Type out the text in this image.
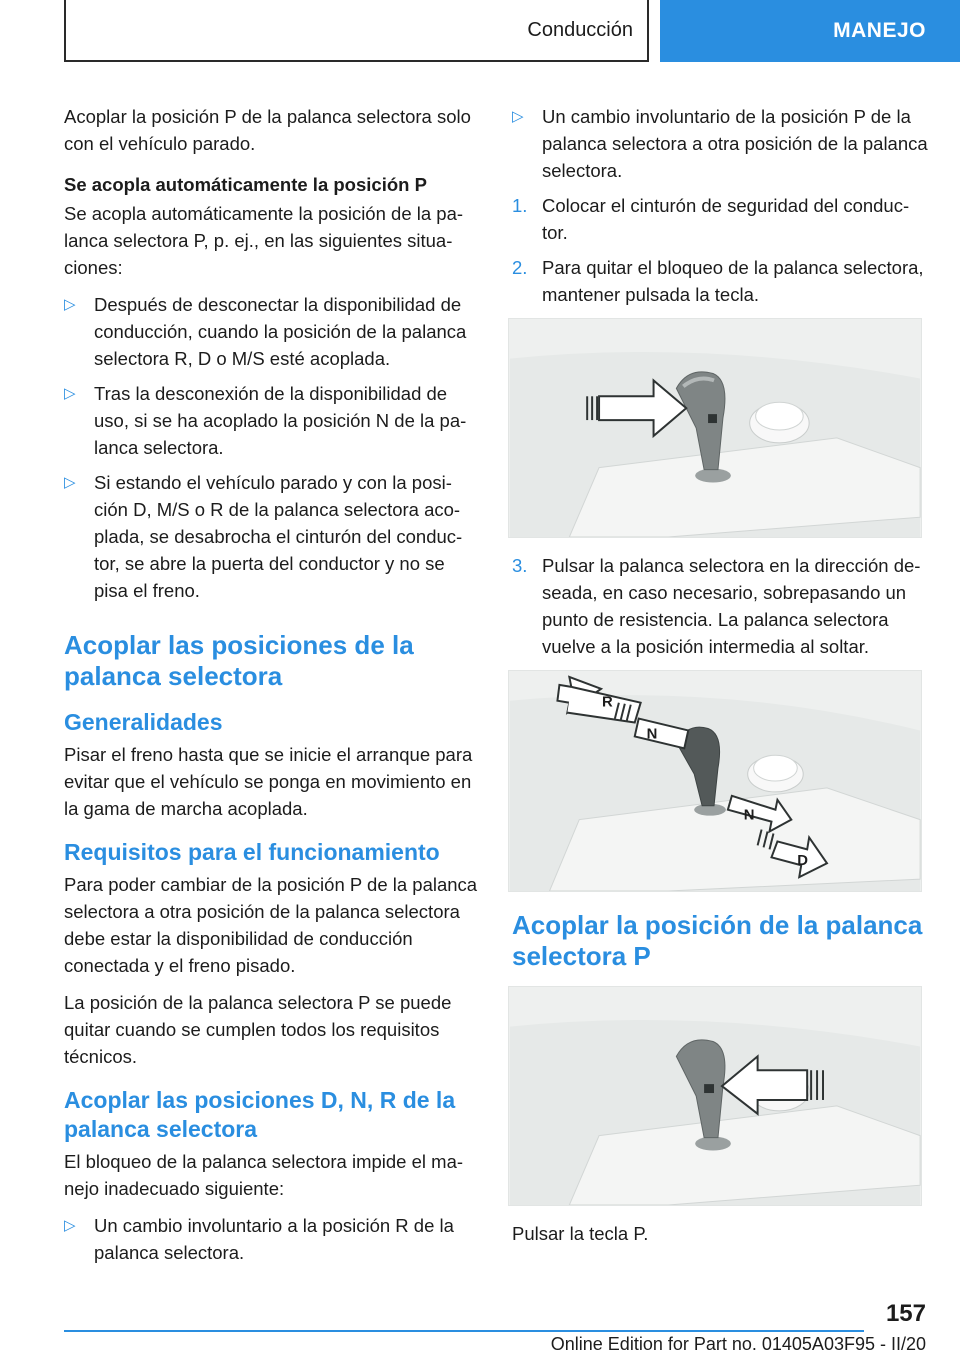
Conducción	MANEJO

Acoplar la posición P de la palanca selectora solo con el vehículo parado.

Se acopla automáticamente la posición P

Se acopla automáticamente la posición de la palanca selectora P, p. ej., en las siguientes situaciones:

▷ Después de desconectar la disponibilidad de conducción, cuando la posición de la palanca selectora R, D o M/S esté acoplada.
▷ Tras la desconexión de la disponibilidad de uso, si se ha acoplado la posición N de la palanca selectora.
▷ Si estando el vehículo parado y con la posición D, M/S o R de la palanca selectora acoplada, se desabrocha el cinturón del conductor, se abre la puerta del conductor y no se pisa el freno.
Acoplar las posiciones de la palanca selectora
Generalidades

Pisar el freno hasta que se inicie el arranque para evitar que el vehículo se ponga en movimiento en la gama de marcha acoplada.

Requisitos para el funcionamiento

Para poder cambiar de la posición P de la palanca selectora a otra posición de la palanca selectora debe estar la disponibilidad de conducción conectada y el freno pisado.

La posición de la palanca selectora P se puede quitar cuando se cumplen todos los requisitos técnicos.

Acoplar las posiciones D, N, R de la palanca selectora

El bloqueo de la palanca selectora impide el manejo inadecuado siguiente:

▷ Un cambio involuntario a la posición R de la palanca selectora.
▷ Un cambio involuntario de la posición P de la palanca selectora a otra posición de la palanca selectora.
1. Colocar el cinturón de seguridad del conductor.
2. Para quitar el bloqueo de la palanca selectora, mantener pulsada la tecla.
3. Pulsar la palanca selectora en la dirección deseada, en caso necesario, sobrepasando un punto de resistencia. La palanca selectora vuelve a la posición intermedia al soltar.
R
N
N
D
Acoplar la posición de la palanca selectora P

Pulsar la tecla P.

157
Online Edition for Part no. 01405A03F95 - II/20
